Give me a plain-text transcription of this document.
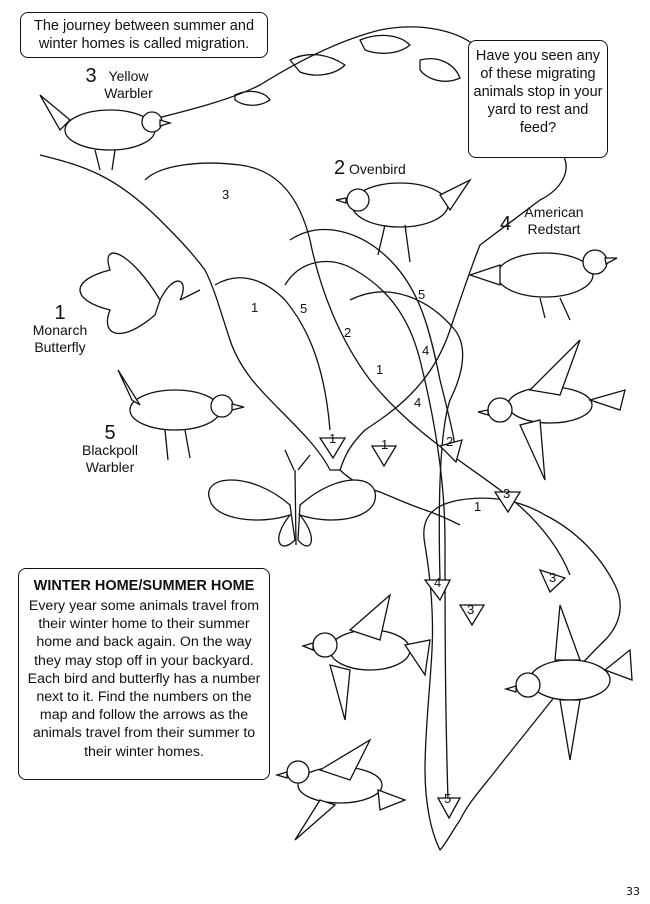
3
1	5
2
5
4
1
1	1
4
2
3
1
3
4
3
5
The journey between summer and winter homes is called migration.
Have you seen any of these migrating animals stop in your yard to rest and feed?
3 Yellow Warbler
2 Ovenbird
4
American Redstart
1
Monarch Butterfly
5
Blackpoll Warbler
WINTER HOME/SUMMER HOME

Every year some animals travel from their winter home to their summer home and back again. On the way they may stop off in your backyard. Each bird and butterfly has a number next to it. Find the numbers on the map and follow the arrows as the animals travel from their summer to their winter homes.

33
